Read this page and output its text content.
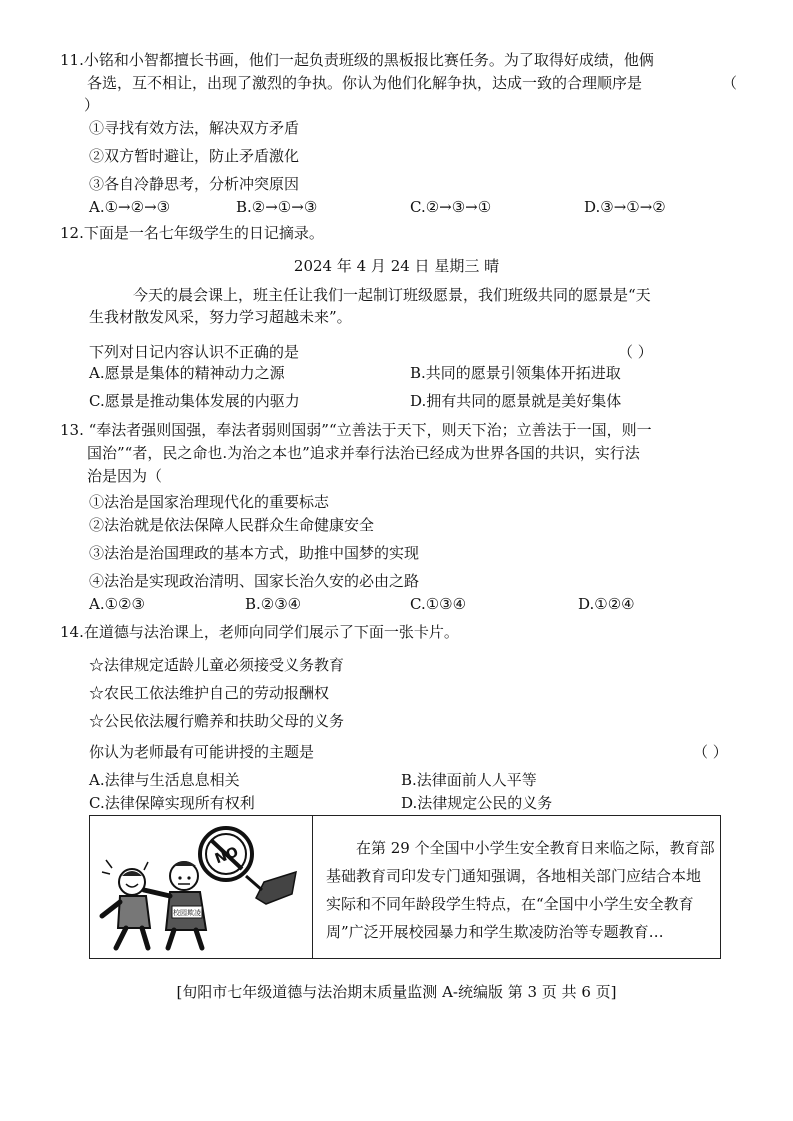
11.小铭和小智都擅长书画，他们一起负责班级的黑板报比赛任务。为了取得好成绩，他俩
各选，互不相让，出现了激烈的争执。你认为他们化解争执，达成一致的合理顺序是	（
）
①寻找有效方法，解决双方矛盾
②双方暂时避让，防止矛盾激化
③各自冷静思考，分析冲突原因
A.①→②→③	B.②→①→③	C.②→③→①	D.③→①→②
12.下面是一名七年级学生的日记摘录。
2024 年 4 月 24 日 星期三 晴
今天的晨会课上，班主任让我们一起制订班级愿景，我们班级共同的愿景是“天
生我材散发风采，努力学习超越未来”。
下列对日记内容认识不正确的是	（ ）
A.愿景是集体的精神动力之源	B.共同的愿景引领集体开拓进取
C.愿景是推动集体发展的内驱力	D.拥有共同的愿景就是美好集体
13. “奉法者强则国强，奉法者弱则国弱”“立善法于天下，则天下治；立善法于一国，则一
国治”“者，民之命也.为治之本也”追求并奉行法治已经成为世界各国的共识，实行法
治是因为（
①法治是国家治理现代化的重要标志
②法治就是依法保障人民群众生命健康安全
③法治是治国理政的基本方式，助推中国梦的实现
④法治是实现政治清明、国家长治久安的必由之路
A.①②③	B.②③④	C.①③④	D.①②④
14.在道德与法治课上，老师向同学们展示了下面一张卡片。
☆法律规定适龄儿童必须接受义务教育
☆农民工依法维护自己的劳动报酬权
☆公民依法履行赡养和扶助父母的义务
你认为老师最有可能讲授的主题是	（ ）
A.法律与生活息息相关	B.法律面前人人平等
C.法律保障实现所有权利	D.法律规定公民的义务
NO
校园欺凌
在第 29 个全国中小学生安全教育日来临之际，教育部
基础教育司印发专门通知强调，各地相关部门应结合本地
实际和不同年龄段学生特点，在“全国中小学生安全教育
周”广泛开展校园暴力和学生欺凌防治等专题教育…
[旬阳市七年级道德与法治期末质量监测 A-统编版 第 3 页 共 6 页]
